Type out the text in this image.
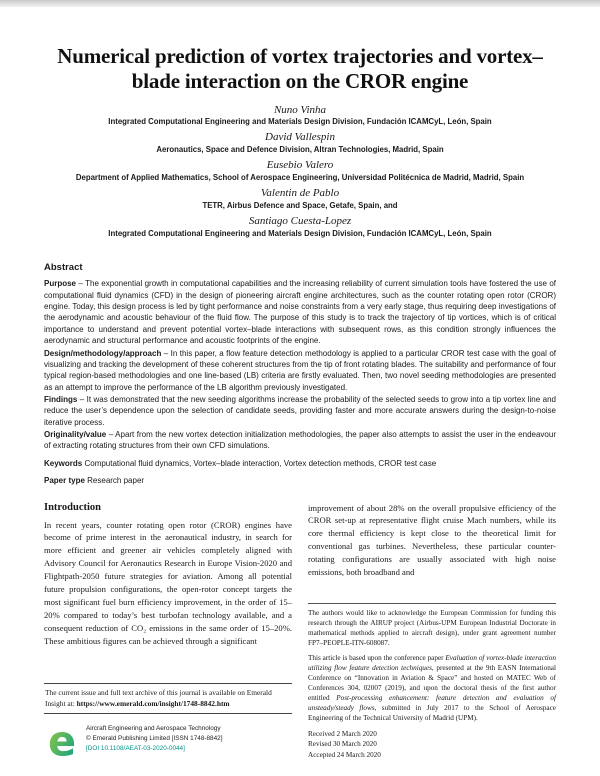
Numerical prediction of vortex trajectories and vortex–blade interaction on the CROR engine
Nuno Vinha
Integrated Computational Engineering and Materials Design Division, Fundación ICAMCyL, León, Spain
David Vallespin
Aeronautics, Space and Defence Division, Altran Technologies, Madrid, Spain
Eusebio Valero
Department of Applied Mathematics, School of Aerospace Engineering, Universidad Politécnica de Madrid, Madrid, Spain
Valentin de Pablo
TETR, Airbus Defence and Space, Getafe, Spain, and
Santiago Cuesta-Lopez
Integrated Computational Engineering and Materials Design Division, Fundación ICAMCyL, León, Spain
Abstract

Purpose – The exponential growth in computational capabilities and the increasing reliability of current simulation tools have fostered the use of computational fluid dynamics (CFD) in the design of pioneering aircraft engine architectures, such as the counter rotating open rotor (CROR) engine. Today, this design process is led by tight performance and noise constraints from a very early stage, thus requiring deep investigations of the aerodynamic and acoustic behaviour of the fluid flow. The purpose of this study is to track the trajectory of tip vortices, which is of critical importance to understand and prevent potential vortex–blade interactions with subsequent rows, as this condition strongly influences the aerodynamic and structural performance and acoustic footprints of the engine.

Design/methodology/approach – In this paper, a flow feature detection methodology is applied to a particular CROR test case with the goal of visualizing and tracking the development of these coherent structures from the tip of front rotating blades. The suitability and performance of four typical region-based methodologies and one line-based (LB) criteria are firstly evaluated. Then, two novel seeding methodologies are presented as an attempt to improve the performance of the LB algorithm previously investigated.

Findings – It was demonstrated that the new seeding algorithms increase the probability of the selected seeds to grow into a tip vortex line and reduce the user’s dependence upon the selection of candidate seeds, providing faster and more accurate answers during the design-to-noise iterative process.

Originality/value – Apart from the new vortex detection initialization methodologies, the paper also attempts to assist the user in the endeavour of extracting rotating structures from their own CFD simulations.

Keywords Computational fluid dynamics, Vortex–blade interaction, Vortex detection methods, CROR test case

Paper type Research paper

Introduction

In recent years, counter rotating open rotor (CROR) engines have become of prime interest in the aeronautical industry, in search for more efficient and greener air vehicles completely aligned with Advisory Council for Aeronautics Research in Europe Vision-2020 and Flightpath-2050 future strategies for aviation. Among all potential future propulsion configurations, the open-rotor concept targets the most significant fuel burn efficiency improvement, in the order of 15–20% compared to today’s best turbofan technology available, and a consequent reduction of CO₂ emissions in the same order of 15–20%. These ambitious figures can be achieved through a significant

The current issue and full text archive of this journal is available on Emerald Insight at: https://www.emerald.com/insight/1748-8842.htm
e Aircraft Engineering and Aerospace Technology
© Emerald Publishing Limited [ISSN 1748-8842]
[DOI 10.1108/AEAT-03-2020-0044]

improvement of about 28% on the overall propulsive efficiency of the CROR set-up at representative flight cruise Mach numbers, while its core thermal efficiency is kept close to the theoretical limit for conventional gas turbines. Nevertheless, these particular counter-rotating configurations are usually associated with high noise emissions, both broadband and

The authors would like to acknowledge the European Commission for funding this research through the AIRUP project (Airbus-UPM European Industrial Doctorate in mathematical methods applied to aircraft design), under grant agreement number FP7–PEOPLE-ITN-608087.

This article is based upon the conference paper Evaluation of vortex-blade interaction utilizing flow feature detection techniques, presented at the 9th EASN International Conference on “Innovation in Aviation & Space” and hosted on MATEC Web of Conferences 304, 02007 (2019), and upon the doctoral thesis of the first author entitled Post-processing enhancement: feature detection and evaluation of unsteady/steady flows, submitted in July 2017 to the School of Aerospace Engineering of the Technical University of Madrid (UPM).

Received 2 March 2020
Revised 30 March 2020
Accepted 24 March 2020
